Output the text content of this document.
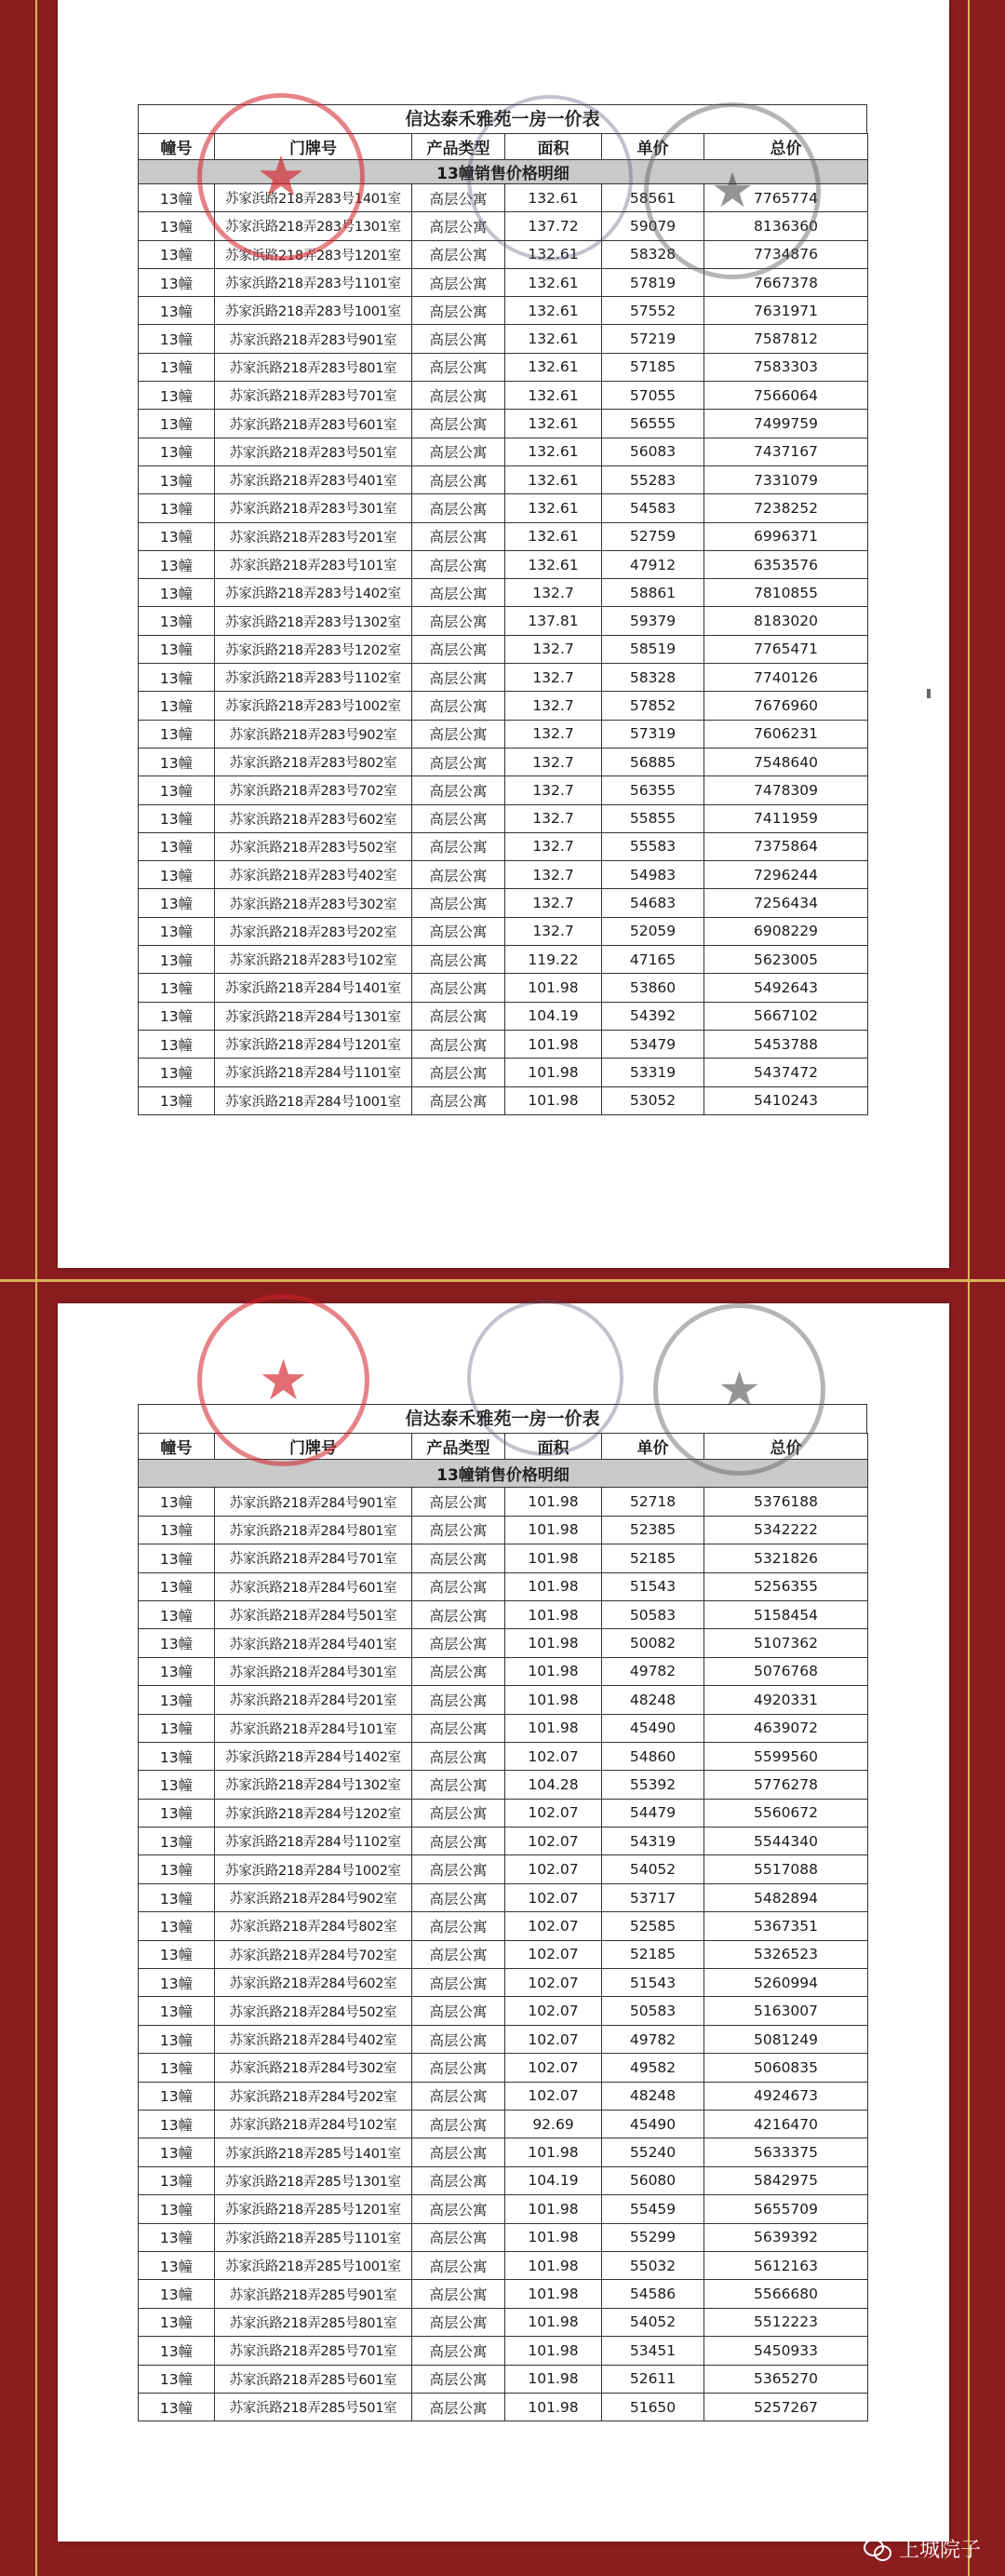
信达泰禾雅苑一房一价表
幢号	门牌号	产品类型	面积	单价	总价
13幢销售价格明细					
13幢	苏家浜路218弄283号1401室	高层公寓	132.61	58561	7765774
13幢	苏家浜路218弄283号1301室	高层公寓	137.72	59079	8136360
13幢	苏家浜路218弄283号1201室	高层公寓	132.61	58328	7734876
13幢	苏家浜路218弄283号1101室	高层公寓	132.61	57819	7667378
13幢	苏家浜路218弄283号1001室	高层公寓	132.61	57552	7631971
13幢	苏家浜路218弄283号901室	高层公寓	132.61	57219	7587812
13幢	苏家浜路218弄283号801室	高层公寓	132.61	57185	7583303
13幢	苏家浜路218弄283号701室	高层公寓	132.61	57055	7566064
13幢	苏家浜路218弄283号601室	高层公寓	132.61	56555	7499759
13幢	苏家浜路218弄283号501室	高层公寓	132.61	56083	7437167
13幢	苏家浜路218弄283号401室	高层公寓	132.61	55283	7331079
13幢	苏家浜路218弄283号301室	高层公寓	132.61	54583	7238252
13幢	苏家浜路218弄283号201室	高层公寓	132.61	52759	6996371
13幢	苏家浜路218弄283号101室	高层公寓	132.61	47912	6353576
13幢	苏家浜路218弄283号1402室	高层公寓	132.7	58861	7810855
13幢	苏家浜路218弄283号1302室	高层公寓	137.81	59379	8183020
13幢	苏家浜路218弄283号1202室	高层公寓	132.7	58519	7765471
13幢	苏家浜路218弄283号1102室	高层公寓	132.7	58328	7740126
13幢	苏家浜路218弄283号1002室	高层公寓	132.7	57852	7676960
13幢	苏家浜路218弄283号902室	高层公寓	132.7	57319	7606231
13幢	苏家浜路218弄283号802室	高层公寓	132.7	56885	7548640
13幢	苏家浜路218弄283号702室	高层公寓	132.7	56355	7478309
13幢	苏家浜路218弄283号602室	高层公寓	132.7	55855	7411959
13幢	苏家浜路218弄283号502室	高层公寓	132.7	55583	7375864
13幢	苏家浜路218弄283号402室	高层公寓	132.7	54983	7296244
13幢	苏家浜路218弄283号302室	高层公寓	132.7	54683	7256434
13幢	苏家浜路218弄283号202室	高层公寓	132.7	52059	6908229
13幢	苏家浜路218弄283号102室	高层公寓	119.22	47165	5623005
13幢	苏家浜路218弄284号1401室	高层公寓	101.98	53860	5492643
13幢	苏家浜路218弄284号1301室	高层公寓	104.19	54392	5667102
13幢	苏家浜路218弄284号1201室	高层公寓	101.98	53479	5453788
13幢	苏家浜路218弄284号1101室	高层公寓	101.98	53319	5437472
13幢	苏家浜路218弄284号1001室	高层公寓	101.98	53052	5410243
★	★
信达泰禾雅苑一房一价表
幢号	门牌号	产品类型	面积	单价	总价
13幢销售价格明细					
13幢	苏家浜路218弄284号901室	高层公寓	101.98	52718	5376188
13幢	苏家浜路218弄284号801室	高层公寓	101.98	52385	5342222
13幢	苏家浜路218弄284号701室	高层公寓	101.98	52185	5321826
13幢	苏家浜路218弄284号601室	高层公寓	101.98	51543	5256355
13幢	苏家浜路218弄284号501室	高层公寓	101.98	50583	5158454
13幢	苏家浜路218弄284号401室	高层公寓	101.98	50082	5107362
13幢	苏家浜路218弄284号301室	高层公寓	101.98	49782	5076768
13幢	苏家浜路218弄284号201室	高层公寓	101.98	48248	4920331
13幢	苏家浜路218弄284号101室	高层公寓	101.98	45490	4639072
13幢	苏家浜路218弄284号1402室	高层公寓	102.07	54860	5599560
13幢	苏家浜路218弄284号1302室	高层公寓	104.28	55392	5776278
13幢	苏家浜路218弄284号1202室	高层公寓	102.07	54479	5560672
13幢	苏家浜路218弄284号1102室	高层公寓	102.07	54319	5544340
13幢	苏家浜路218弄284号1002室	高层公寓	102.07	54052	5517088
13幢	苏家浜路218弄284号902室	高层公寓	102.07	53717	5482894
13幢	苏家浜路218弄284号802室	高层公寓	102.07	52585	5367351
13幢	苏家浜路218弄284号702室	高层公寓	102.07	52185	5326523
13幢	苏家浜路218弄284号602室	高层公寓	102.07	51543	5260994
13幢	苏家浜路218弄284号502室	高层公寓	102.07	50583	5163007
13幢	苏家浜路218弄284号402室	高层公寓	102.07	49782	5081249
13幢	苏家浜路218弄284号302室	高层公寓	102.07	49582	5060835
13幢	苏家浜路218弄284号202室	高层公寓	102.07	48248	4924673
13幢	苏家浜路218弄284号102室	高层公寓	92.69	45490	4216470
13幢	苏家浜路218弄285号1401室	高层公寓	101.98	55240	5633375
13幢	苏家浜路218弄285号1301室	高层公寓	104.19	56080	5842975
13幢	苏家浜路218弄285号1201室	高层公寓	101.98	55459	5655709
13幢	苏家浜路218弄285号1101室	高层公寓	101.98	55299	5639392
13幢	苏家浜路218弄285号1001室	高层公寓	101.98	55032	5612163
13幢	苏家浜路218弄285号901室	高层公寓	101.98	54586	5566680
13幢	苏家浜路218弄285号801室	高层公寓	101.98	54052	5512223
13幢	苏家浜路218弄285号701室	高层公寓	101.98	53451	5450933
13幢	苏家浜路218弄285号601室	高层公寓	101.98	52611	5365270
13幢	苏家浜路218弄285号501室	高层公寓	101.98	51650	5257267
★	★
上城院子
